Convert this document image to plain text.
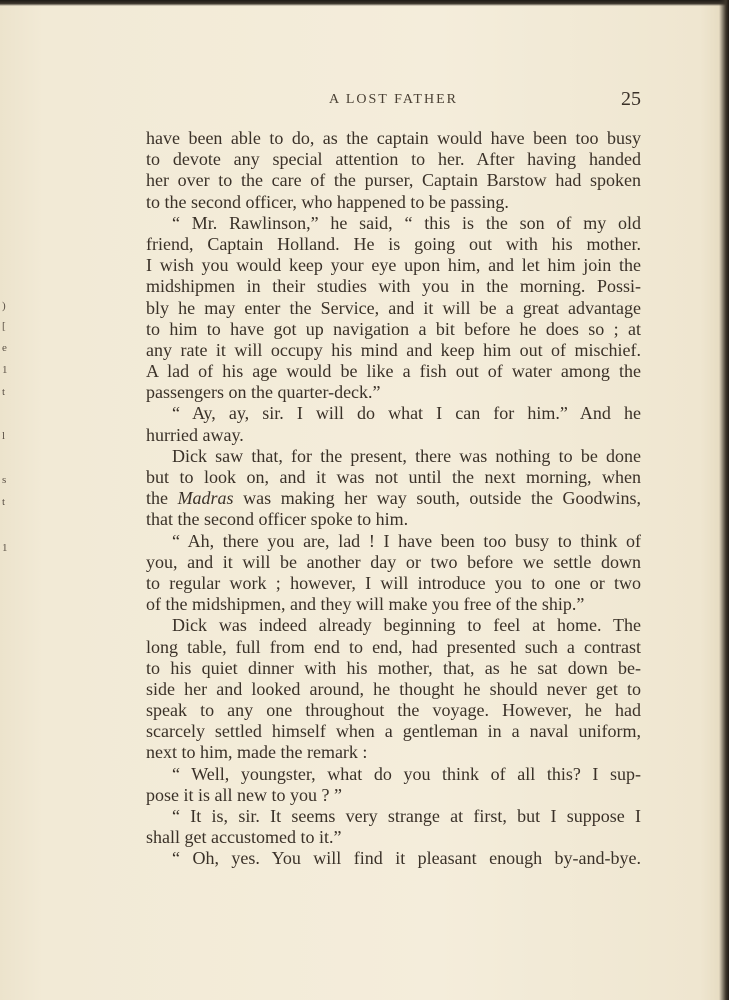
)
[
e
1
t
l
s
t
1
A LOST FATHER	25
have been able to do, as the captain would have been too busy
to devote any special attention to her. After having handed
her over to the care of the purser, Captain Barstow had spoken
to the second officer, who happened to be passing.
“ Mr. Rawlinson,” he said, “ this is the son of my old
friend, Captain Holland. He is going out with his mother.
I wish you would keep your eye upon him, and let him join the
midshipmen in their studies with you in the morning. Possi-
bly he may enter the Service, and it will be a great advantage
to him to have got up navigation a bit before he does so ; at
any rate it will occupy his mind and keep him out of mischief.
A lad of his age would be like a fish out of water among the
passengers on the quarter-deck.”
“ Ay, ay, sir. I will do what I can for him.” And he
hurried away.
Dick saw that, for the present, there was nothing to be done
but to look on, and it was not until the next morning, when
the Madras was making her way south, outside the Goodwins,
that the second officer spoke to him.
“ Ah, there you are, lad ! I have been too busy to think of
you, and it will be another day or two before we settle down
to regular work ; however, I will introduce you to one or two
of the midshipmen, and they will make you free of the ship.”
Dick was indeed already beginning to feel at home. The
long table, full from end to end, had presented such a contrast
to his quiet dinner with his mother, that, as he sat down be-
side her and looked around, he thought he should never get to
speak to any one throughout the voyage. However, he had
scarcely settled himself when a gentleman in a naval uniform,
next to him, made the remark :
“ Well, youngster, what do you think of all this? I sup-
pose it is all new to you ? ”
“ It is, sir. It seems very strange at first, but I suppose I
shall get accustomed to it.”
“ Oh, yes. You will find it pleasant enough by-and-bye.
